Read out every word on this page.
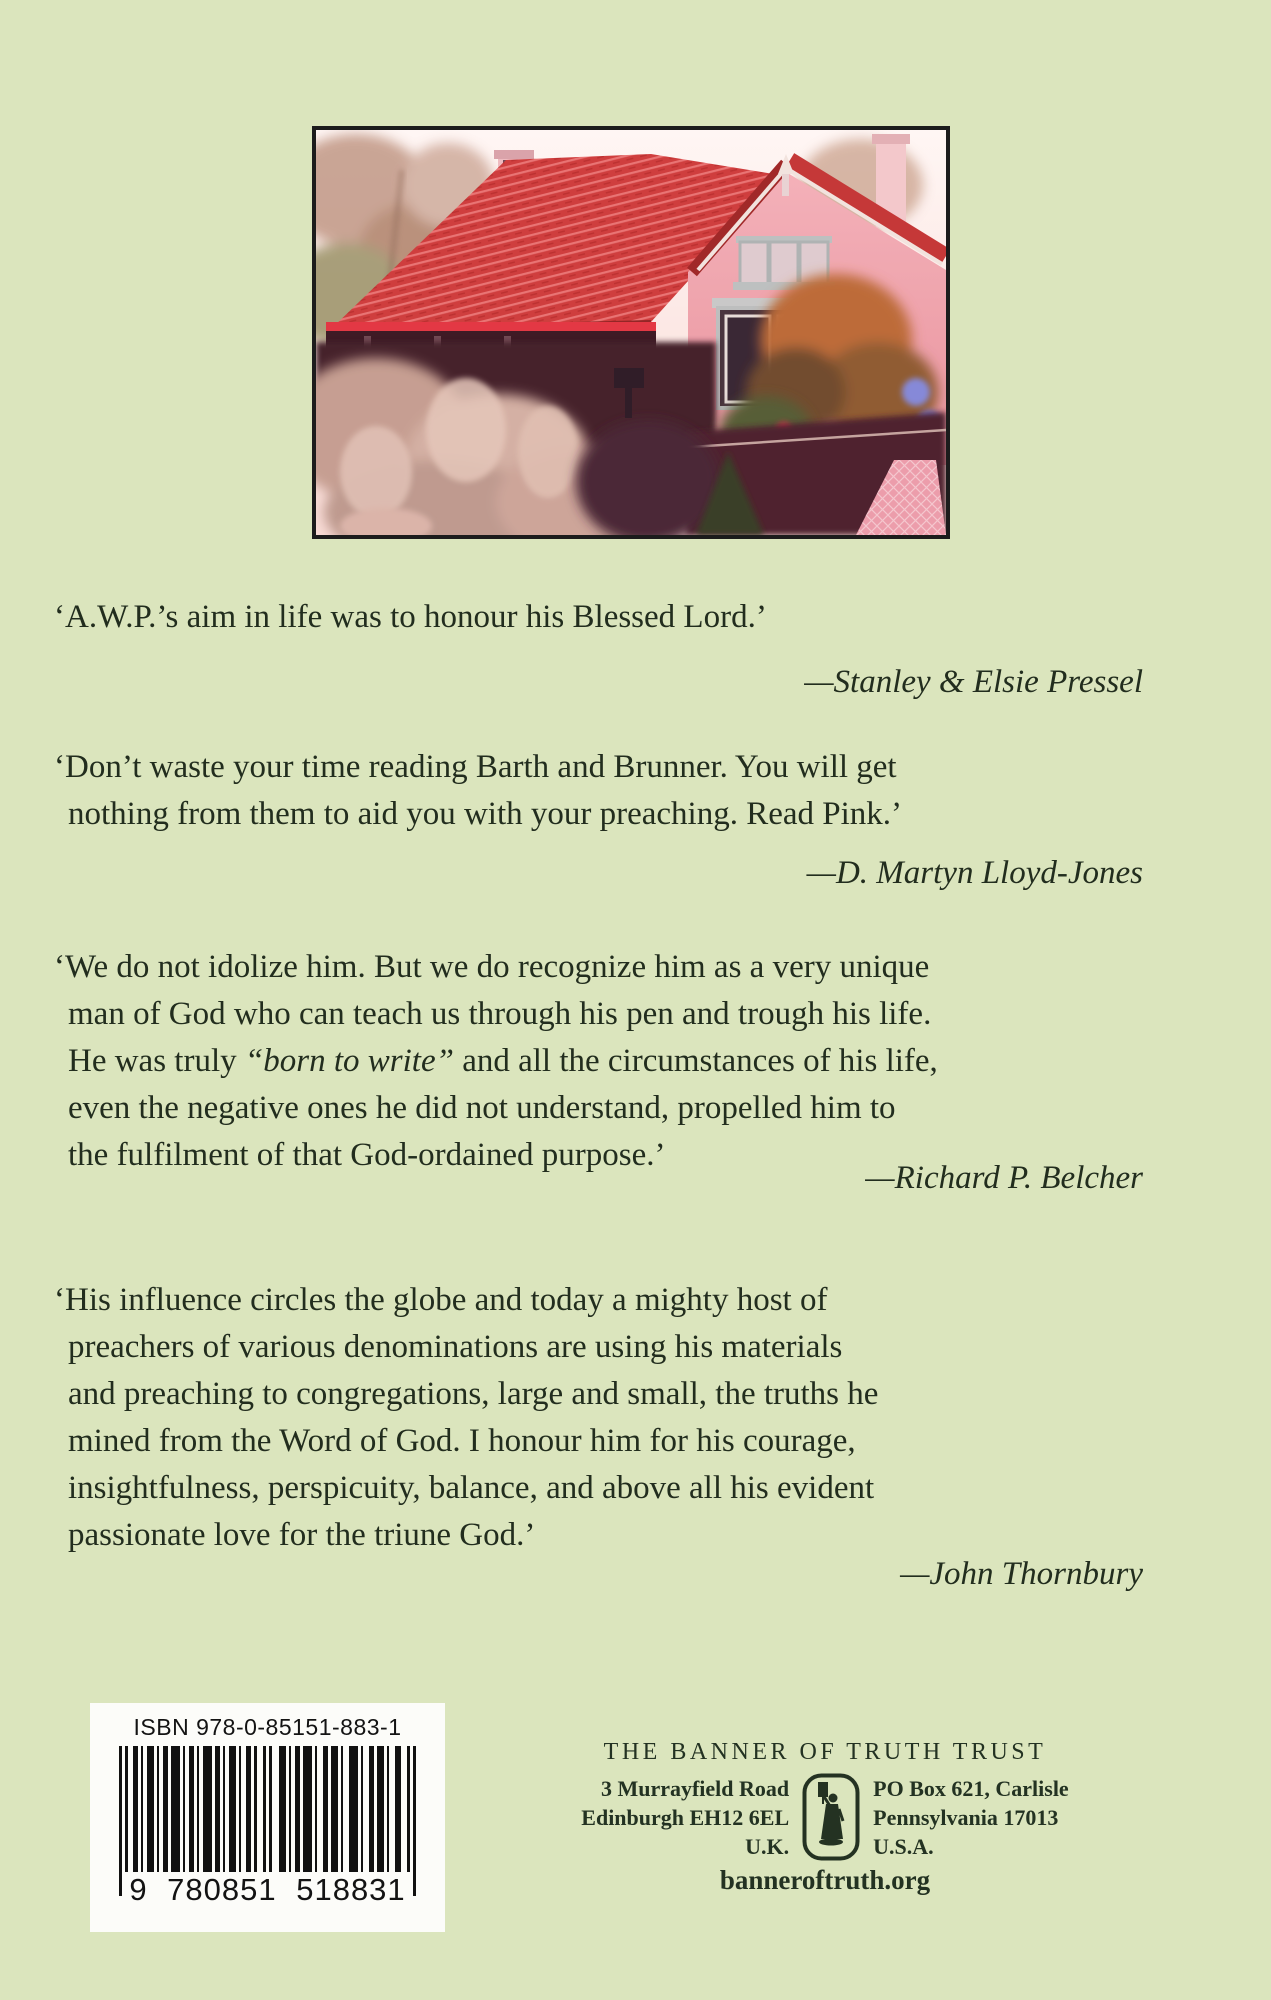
‘A.W.P.’s aim in life was to honour his Blessed Lord.’
—Stanley & Elsie Pressel
‘Don’t waste your time reading Barth and Brunner. You will get
nothing from them to aid you with your preaching. Read Pink.’
—D. Martyn Lloyd-Jones
‘We do not idolize him. But we do recognize him as a very unique
man of God who can teach us through his pen and trough his life.
He was truly “born to write” and all the circumstances of his life,
even the negative ones he did not understand, propelled him to
the fulfilment of that God-ordained purpose.’
—Richard P. Belcher
‘His influence circles the globe and today a mighty host of
preachers of various denominations are using his materials
and preaching to congregations, large and small, the truths he
mined from the Word of God. I honour him for his courage,
insightfulness, perspicuity, balance, and above all his evident
passionate love for the triune God.’
—John Thornbury
ISBN 978-0-85151-883-1
9 780851 518831
THE BANNER OF TRUTH TRUST
3 Murrayfield Road
Edinburgh EH12 6EL
U.K.
PO Box 621, Carlisle
Pennsylvania 17013
U.S.A.
banneroftruth.org
